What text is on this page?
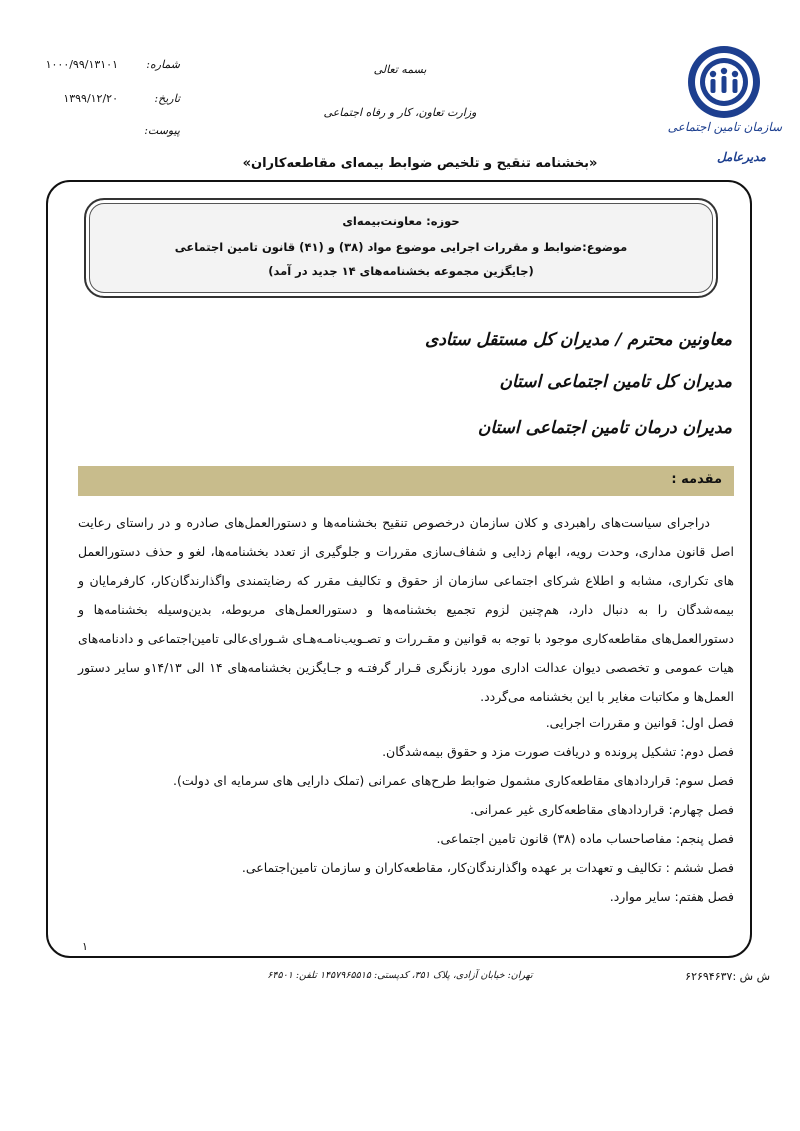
سازمان تامین اجتماعی
مدیرعامل
بسمه تعالی
وزارت تعاون، کار و رفاه اجتماعی
شماره:
۱۰۰۰/۹۹/۱۳۱۰۱
تاریخ:
۱۳۹۹/۱۲/۲۰
پیوست:
«بخشنامه تنقیح و تلخیص ضوابط بیمه‌ای مقاطعه‌کاران»
حوزه: معاونت‌بیمه‌ای
موضوع:ضوابط و مقررات اجرایی موضوع مواد (۳۸) و (۴۱) قانون تامین اجتماعی
(جایگزین مجموعه بخشنامه‌های ۱۴ جدید در آمد)
معاونین محترم / مدیران کل مستقل ستادی
مدیران کل تامین اجتماعی استان
مدیران درمان تامین اجتماعی استان
مقدمه :

دراجرای سیاست‌های راهبردی و کلان سازمان درخصوص تنقیح بخشنامه‌ها و دستورالعمل‌های صادره و در راستای رعایت اصل قانون مداری، وحدت رویه، ابهام زدایی و شفاف‌سازی مقررات و جلوگیری از تعدد بخشنامه‌ها، لغو و حذف دستورالعمل های تکراری، مشابه و اطلاع شرکای اجتماعی سازمان از حقوق و تکالیف مقرر که رضایتمندی واگذارندگان‌کار، کارفرمایان و بیمه‌شدگان را به دنبال دارد، هم‌چنین لزوم تجمیع بخشنامه‌ها و دستورالعمل‌های مربوطه، بدین‌وسیله بخشنامه‌ها و دستورالعمل‌های مقاطعه‌کاری موجود با توجه به قوانین و مقـررات و تصـویب‌نامـه‌هـای شـورای‌عالی تامین‌اجتماعی و دادنامه‌های هیات عمومی و تخصصی دیوان عدالت اداری مورد بازنگری قـرار گرفتـه و جـایگزین بخشنامه‌های ۱۴ الی ۱۴/۱۳و سایر دستور العمل‌ها و مکاتبات مغایر با این بخشنامه می‌گردد.

فصل اول: قوانین و مقررات اجرایی.
فصل دوم: تشکیل پرونده و دریافت صورت مزد و حقوق بیمه‌شدگان.
فصل سوم: قراردادهای مقاطعه‌کاری مشمول ضوابط طرح‌های عمرانی (تملک دارایی های سرمایه ای دولت).
فصل چهارم: قراردادهای مقاطعه‌کاری غیر عمرانی.
فصل پنجم: مفاصاحساب ماده (۳۸) قانون تامین اجتماعی.
فصل ششم : تکالیف و تعهدات بر عهده واگذارندگان‌کار، مقاطعه‌کاران و سازمان تامین‌اجتماعی.
فصل هفتم: سایر موارد.
۱
ش ش :۶۲۶۹۴۶۳۷
تهران: خیابان آزادی، پلاک ۳۵۱، کدپستی: ۱۴۵۷۹۶۵۵۱۵ تلفن: ۶۴۵۰۱
